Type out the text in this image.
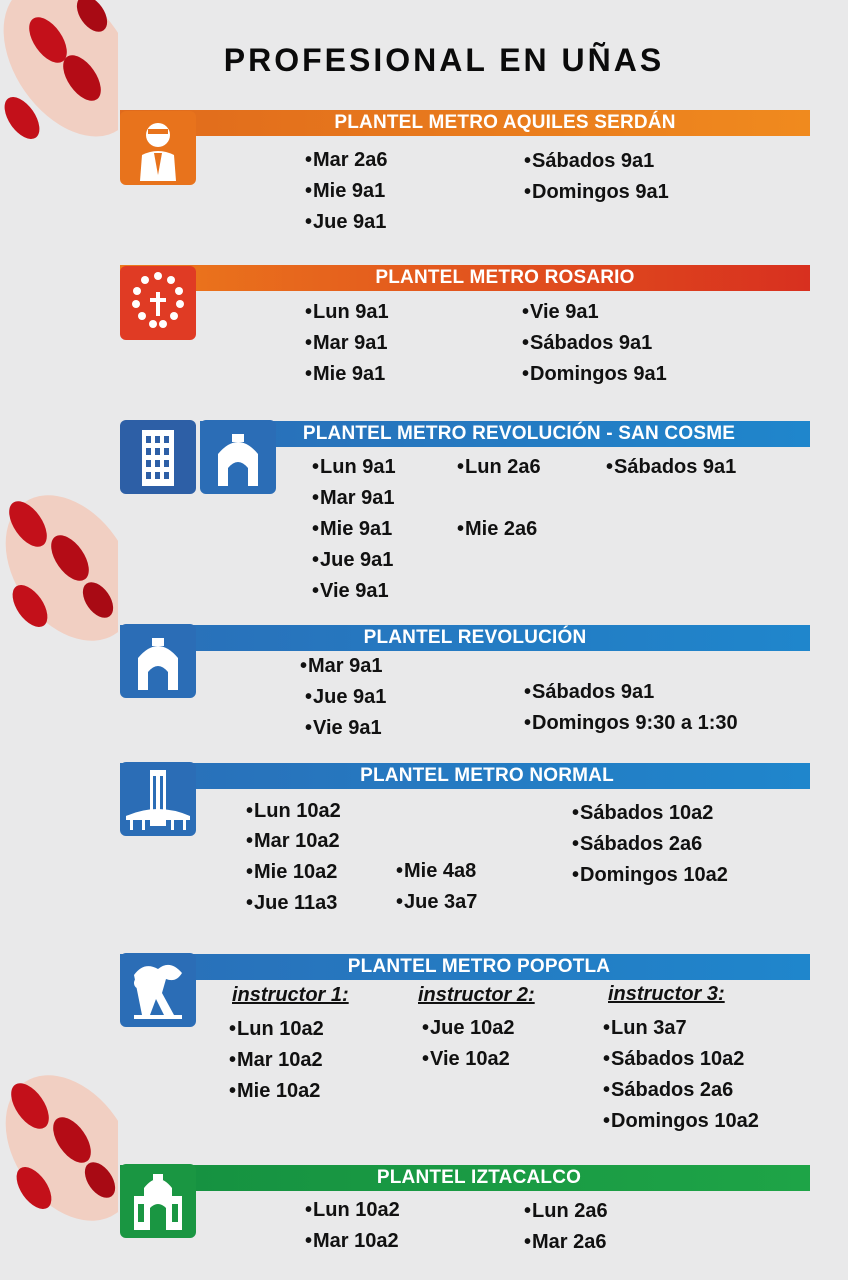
PROFESIONAL EN UÑAS
PLANTEL METRO AQUILES SERDÁN
• Mar 2a6
• Mie 9a1
• Jue 9a1
• Sábados 9a1
• Domingos 9a1
PLANTEL METRO ROSARIO
• Lun 9a1
• Mar 9a1
• Mie 9a1
• Vie 9a1
• Sábados 9a1
• Domingos 9a1
PLANTEL METRO REVOLUCIÓN - SAN COSME
• Lun 9a1
• Mar 9a1
• Mie 9a1
• Jue 9a1
• Vie 9a1
• Lun 2a6
• Mie 2a6
• Sábados 9a1
PLANTEL REVOLUCIÓN
• Mar 9a1
• Jue 9a1
• Vie 9a1
• Sábados 9a1
• Domingos 9:30 a 1:30
PLANTEL METRO NORMAL
• Lun 10a2
• Mar 10a2
• Mie 10a2
• Jue 11a3
• Mie 4a8
• Jue 3a7
• Sábados 10a2
• Sábados 2a6
• Domingos 10a2
PLANTEL METRO POPOTLA
instructor 1:	instructor 2:	instructor 3:
• Lun 10a2
• Mar 10a2
• Mie 10a2
• Jue 10a2
• Vie 10a2
• Lun 3a7
• Sábados 10a2
• Sábados 2a6
• Domingos 10a2
PLANTEL IZTACALCO
• Lun 10a2
• Mar 10a2
• Lun 2a6
• Mar 2a6
